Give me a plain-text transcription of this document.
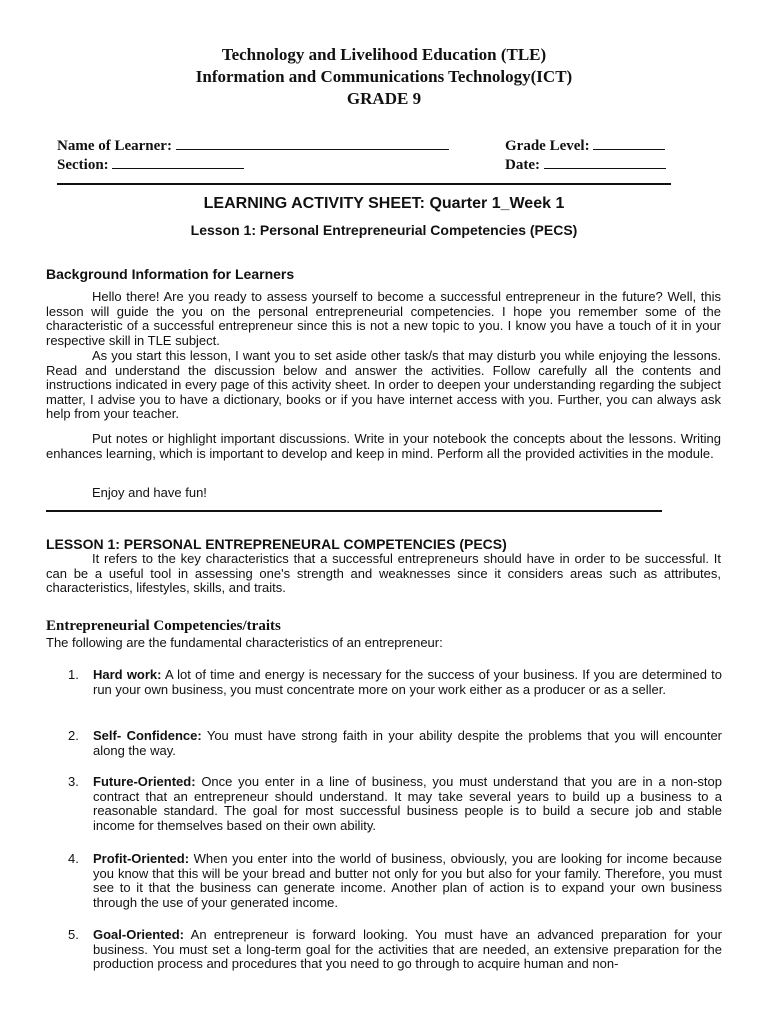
Technology and Livelihood Education (TLE)
Information and Communications Technology(ICT)
GRADE 9
Name of Learner:	Grade Level:
Section:	Date:
LEARNING ACTIVITY SHEET: Quarter 1_Week 1
Lesson 1: Personal Entrepreneurial Competencies (PECS)
Background Information for Learners
Hello there! Are you ready to assess yourself to become a successful entrepreneur in the future? Well, this lesson will guide the you on the personal entrepreneurial competencies. I hope you remember some of the characteristic of a successful entrepreneur since this is not a new topic to you. I know you have a touch of it in your respective skill in TLE subject.
As you start this lesson, I want you to set aside other task/s that may disturb you while enjoying the lessons. Read and understand the discussion below and answer the activities. Follow carefully all the contents and instructions indicated in every page of this activity sheet. In order to deepen your understanding regarding the subject matter, I advise you to have a dictionary, books or if you have internet access with you. Further, you can always ask help from your teacher.
Put notes or highlight important discussions. Write in your notebook the concepts about the lessons. Writing enhances learning, which is important to develop and keep in mind. Perform all the provided activities in the module.
Enjoy and have fun!
LESSON 1: PERSONAL ENTREPRENEURAL COMPETENCIES (PECS)
It refers to the key characteristics that a successful entrepreneurs should have in order to be successful. It can be a useful tool in assessing one's strength and weaknesses since it considers areas such as attributes, characteristics, lifestyles, skills, and traits.
Entrepreneurial Competencies/traits
The following are the fundamental characteristics of an entrepreneur:
1.	Hard work: A lot of time and energy is necessary for the success of your business. If you are determined to run your own business, you must concentrate more on your work either as a producer or as a seller.
2.	Self- Confidence: You must have strong faith in your ability despite the problems that you will encounter along the way.
3.	Future-Oriented: Once you enter in a line of business, you must understand that you are in a non-stop contract that an entrepreneur should understand. It may take several years to build up a business to a reasonable standard. The goal for most successful business people is to build a secure job and stable income for themselves based on their own ability.
4.	Profit-Oriented: When you enter into the world of business, obviously, you are looking for income because you know that this will be your bread and butter not only for you but also for your family. Therefore, you must see to it that the business can generate income. Another plan of action is to expand your own business through the use of your generated income.
5.	Goal-Oriented: An entrepreneur is forward looking. You must have an advanced preparation for your business. You must set a long-term goal for the activities that are needed, an extensive preparation for the production process and procedures that you need to go through to acquire human and non-
